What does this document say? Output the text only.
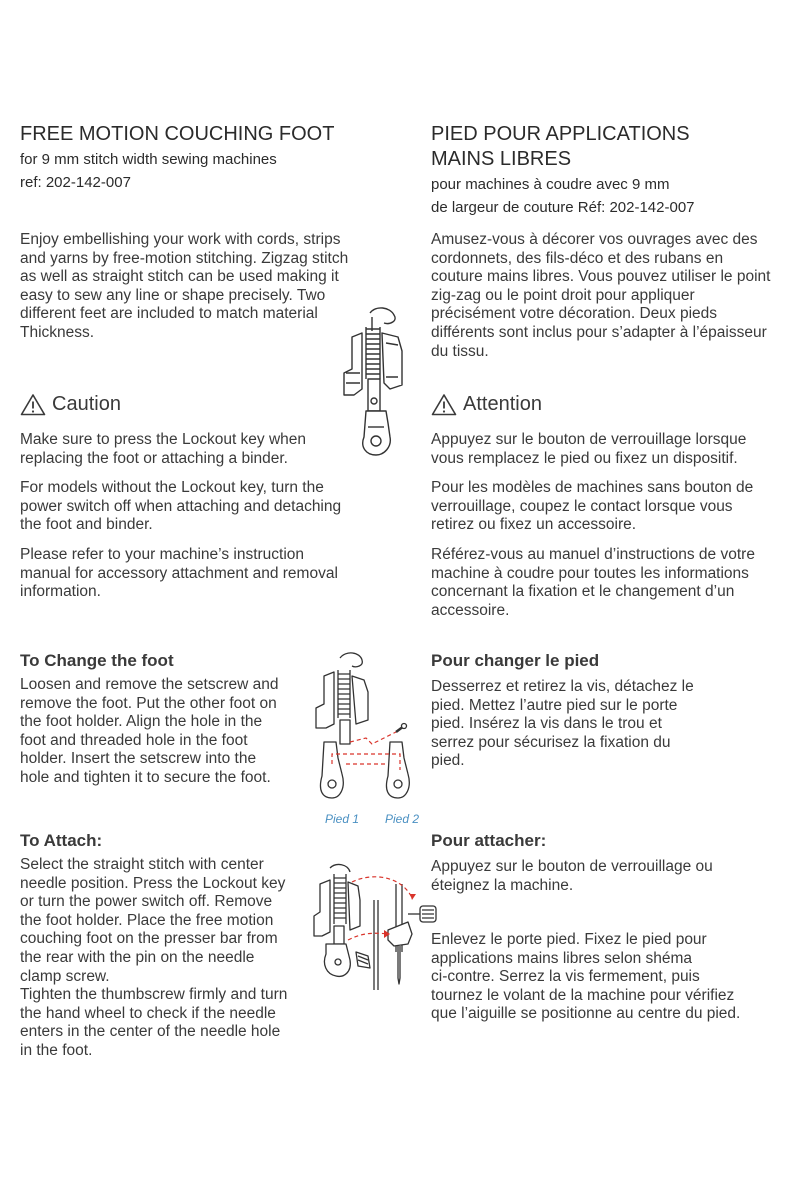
FREE MOTION COUCHING FOOT
for 9 mm stitch width sewing machines
ref: 202-142-007
Enjoy embellishing your work with cords, strips
and yarns by free-motion stitching. Zigzag stitch
as well as straight stitch can be used making it
easy to sew any line or shape precisely. Two
different feet are included to match material
Thickness.
Caution
Make sure to press the Lockout key when
replacing the foot or attaching a binder.
For models without the Lockout key, turn the
power switch off when attaching and detaching
the foot and binder.
Please refer to your machine’s instruction
manual for accessory attachment and removal
information.
To Change the foot
Loosen and remove the setscrew and
remove the foot. Put the other foot on
the foot holder. Align the hole in the
foot and threaded hole in the foot
holder. Insert the setscrew into the
hole and tighten it to secure the foot.
To Attach:
Select the straight stitch with center
needle position. Press the Lockout key
or turn the power switch off. Remove
the foot holder. Place the free motion
couching foot on the presser bar from
the rear with the pin on the needle
clamp screw.
Tighten the thumbscrew firmly and turn
the hand wheel to check if the needle
enters in the center of the needle hole
in the foot.
PIED POUR APPLICATIONS
MAINS LIBRES
pour machines à coudre avec 9 mm
de largeur de couture Réf: 202-142-007
Amusez-vous à décorer vos ouvrages avec des
cordonnets, des fils-déco et des rubans en
couture mains libres. Vous pouvez utiliser le point
zig-zag ou le point droit pour appliquer
précisément votre décoration. Deux pieds
différents sont inclus pour s’adapter à l’épaisseur
du tissu.
Attention
Appuyez sur le bouton de verrouillage lorsque
vous remplacez le pied ou fixez un dispositif.
Pour les modèles de machines sans bouton de
verrouillage, coupez le contact lorsque vous
retirez ou fixez un accessoire.
Référez-vous au manuel d’instructions de votre
machine à coudre pour toutes les informations
concernant la fixation et le changement d’un
accessoire.
Pour changer le pied
Desserrez et retirez la vis, détachez le
pied. Mettez l’autre pied sur le porte
pied. Insérez la vis dans le trou et
serrez pour sécurisez la fixation du
pied.
Pour attacher:
Appuyez sur le bouton de verrouillage ou
éteignez la machine.
Enlevez le porte pied. Fixez le pied pour
applications mains libres selon shéma
ci-contre. Serrez la vis fermement, puis
tournez le volant de la machine pour vérifiez
que l’aiguille se positionne au centre du pied.
Pied 1 Pied 2
